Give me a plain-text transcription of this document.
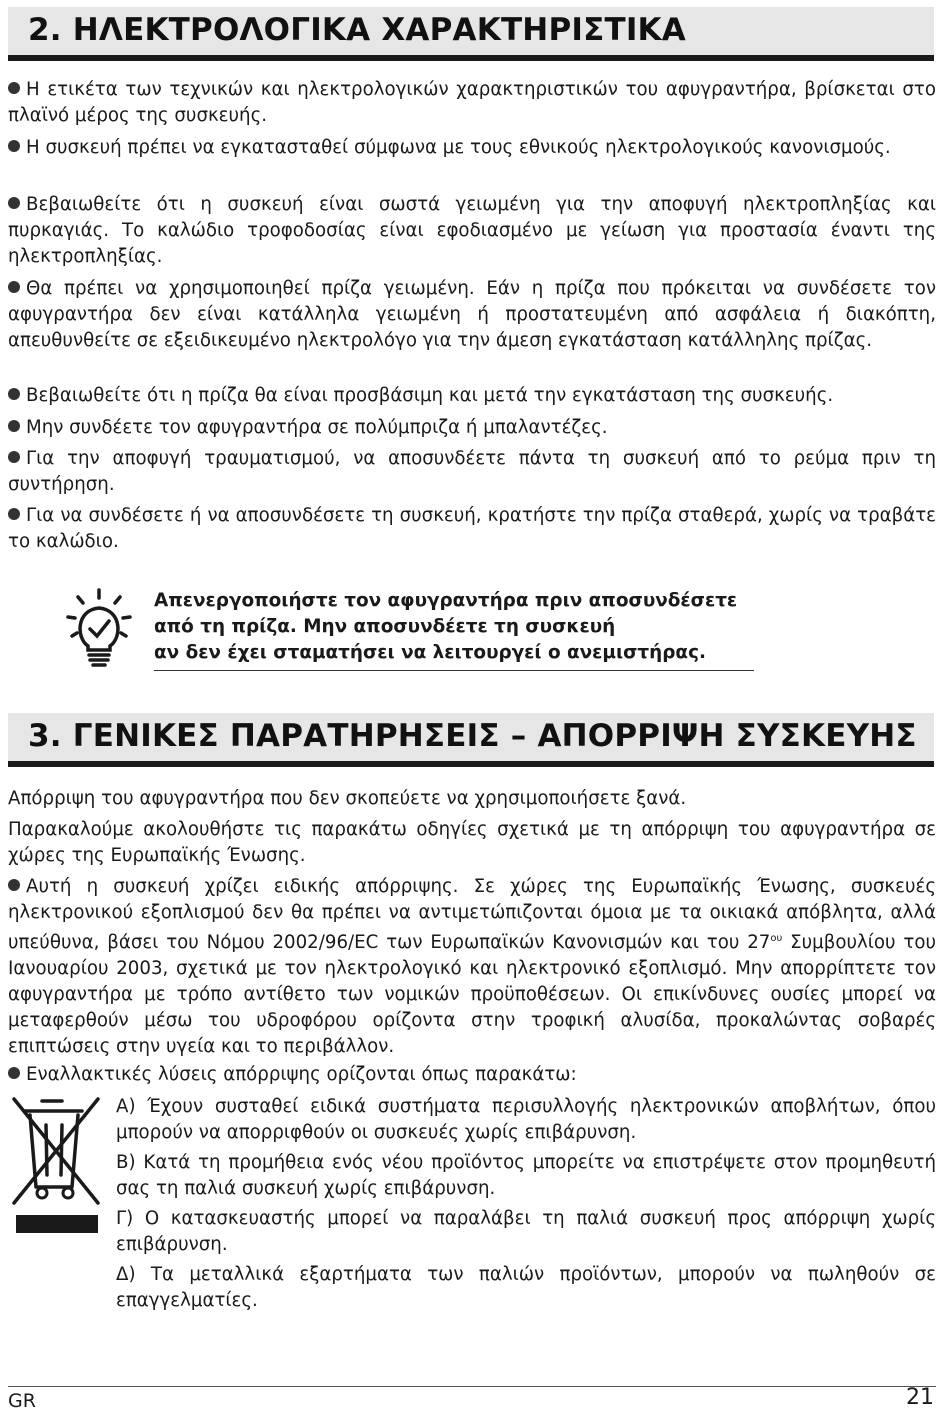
2. ΗΛΕΚΤΡΟΛΟΓΙΚΑ ΧΑΡΑΚΤΗΡΙΣΤΙΚΑ

Η ετικέτα των τεχνικών και ηλεκτρολογικών χαρακτηριστικών του αφυγραντήρα, βρίσκεται στο πλαϊνό μέρος της συσκευής.

Η συσκευή πρέπει να εγκατασταθεί σύμφωνα με τους εθνικούς ηλεκτρολογικούς κανονισμούς.

Βεβαιωθείτε ότι η συσκευή είναι σωστά γειωμένη για την αποφυγή ηλεκτροπληξίας και πυρκαγιάς. Το καλώδιο τροφοδοσίας είναι εφοδιασμένο με γείωση για προστασία έναντι της ηλεκτροπληξίας.

Θα πρέπει να χρησιμοποιηθεί πρίζα γειωμένη. Εάν η πρίζα που πρόκειται να συνδέσετε τον αφυγραντήρα δεν είναι κατάλληλα γειωμένη ή προστατευμένη από ασφάλεια ή διακόπτη, απευθυνθείτε σε εξειδικευμένο ηλεκτρολόγο για την άμεση εγκατάσταση κατάλληλης πρίζας.

Βεβαιωθείτε ότι η πρίζα θα είναι προσβάσιμη και μετά την εγκατάσταση της συσκευής.

Μην συνδέετε τον αφυγραντήρα σε πολύμπριζα ή μπαλαντέζες.

Για την αποφυγή τραυματισμού, να αποσυνδέετε πάντα τη συσκευή από το ρεύμα πριν τη συντήρηση.

Για να συνδέσετε ή να αποσυνδέσετε τη συσκευή, κρατήστε την πρίζα σταθερά, χωρίς να τραβάτε το καλώδιο.

Απενεργοποιήστε τον αφυγραντήρα πριν αποσυνδέσετε
από τη πρίζα. Μην αποσυνδέετε τη συσκευή
αν δεν έχει σταματήσει να λειτουργεί ο ανεμιστήρας.
3. ΓΕΝΙΚΕΣ ΠΑΡΑΤΗΡΗΣΕΙΣ – ΑΠΟΡΡΙΨΗ ΣΥΣΚΕΥΗΣ

Απόρριψη του αφυγραντήρα που δεν σκοπεύετε να χρησιμοποιήσετε ξανά.

Παρακαλούμε ακολουθήστε τις παρακάτω οδηγίες σχετικά με τη απόρριψη του αφυγραντήρα σε χώρες της Ευρωπαϊκής Ένωσης.

Αυτή η συσκευή χρίζει ειδικής απόρριψης. Σε χώρες της Ευρωπαϊκής Ένωσης, συσκευές ηλεκτρονικού εξοπλισμού δεν θα πρέπει να αντιμετώπιζονται όμοια με τα οικιακά απόβλητα, αλλά υπεύθυνα, βάσει του Νόμου 2002/96/EC των Ευρωπαϊκών Κανονισμών και του $27^{o\upsilon}$ Συμβουλίου του Ιανουαρίου 2003, σχετικά με τον ηλεκτρολογικό και ηλεκτρονικό εξοπλισμό. Μην απορρίπτετε τον αφυγραντήρα με τρόπο αντίθετο των νομικών προϋποθέσεων. Οι επικίνδυνες ουσίες μπορεί να μεταφερθούν μέσω του υδροφόρου ορίζοντα στην τροφική αλυσίδα, προκαλώντας σοβαρές επιπτώσεις στην υγεία και το περιβάλλον.

Εναλλακτικές λύσεις απόρριψης ορίζονται όπως παρακάτω:

Α) Έχουν συσταθεί ειδικά συστήματα περισυλλογής ηλεκτρονικών αποβλήτων, όπου μπορούν να απορριφθούν οι συσκευές χωρίς επιβάρυνση.

Β) Κατά τη προμήθεια ενός νέου προϊόντος μπορείτε να επιστρέψετε στον προμηθευτή σας τη παλιά συσκευή χωρίς επιβάρυνση.

Γ) Ο κατασκευαστής μπορεί να παραλάβει τη παλιά συσκευή προς απόρριψη χωρίς επιβάρυνση.

Δ) Τα μεταλλικά εξαρτήματα των παλιών προϊόντων, μπορούν να πωληθούν σε επαγγελματίες.

GR	21
